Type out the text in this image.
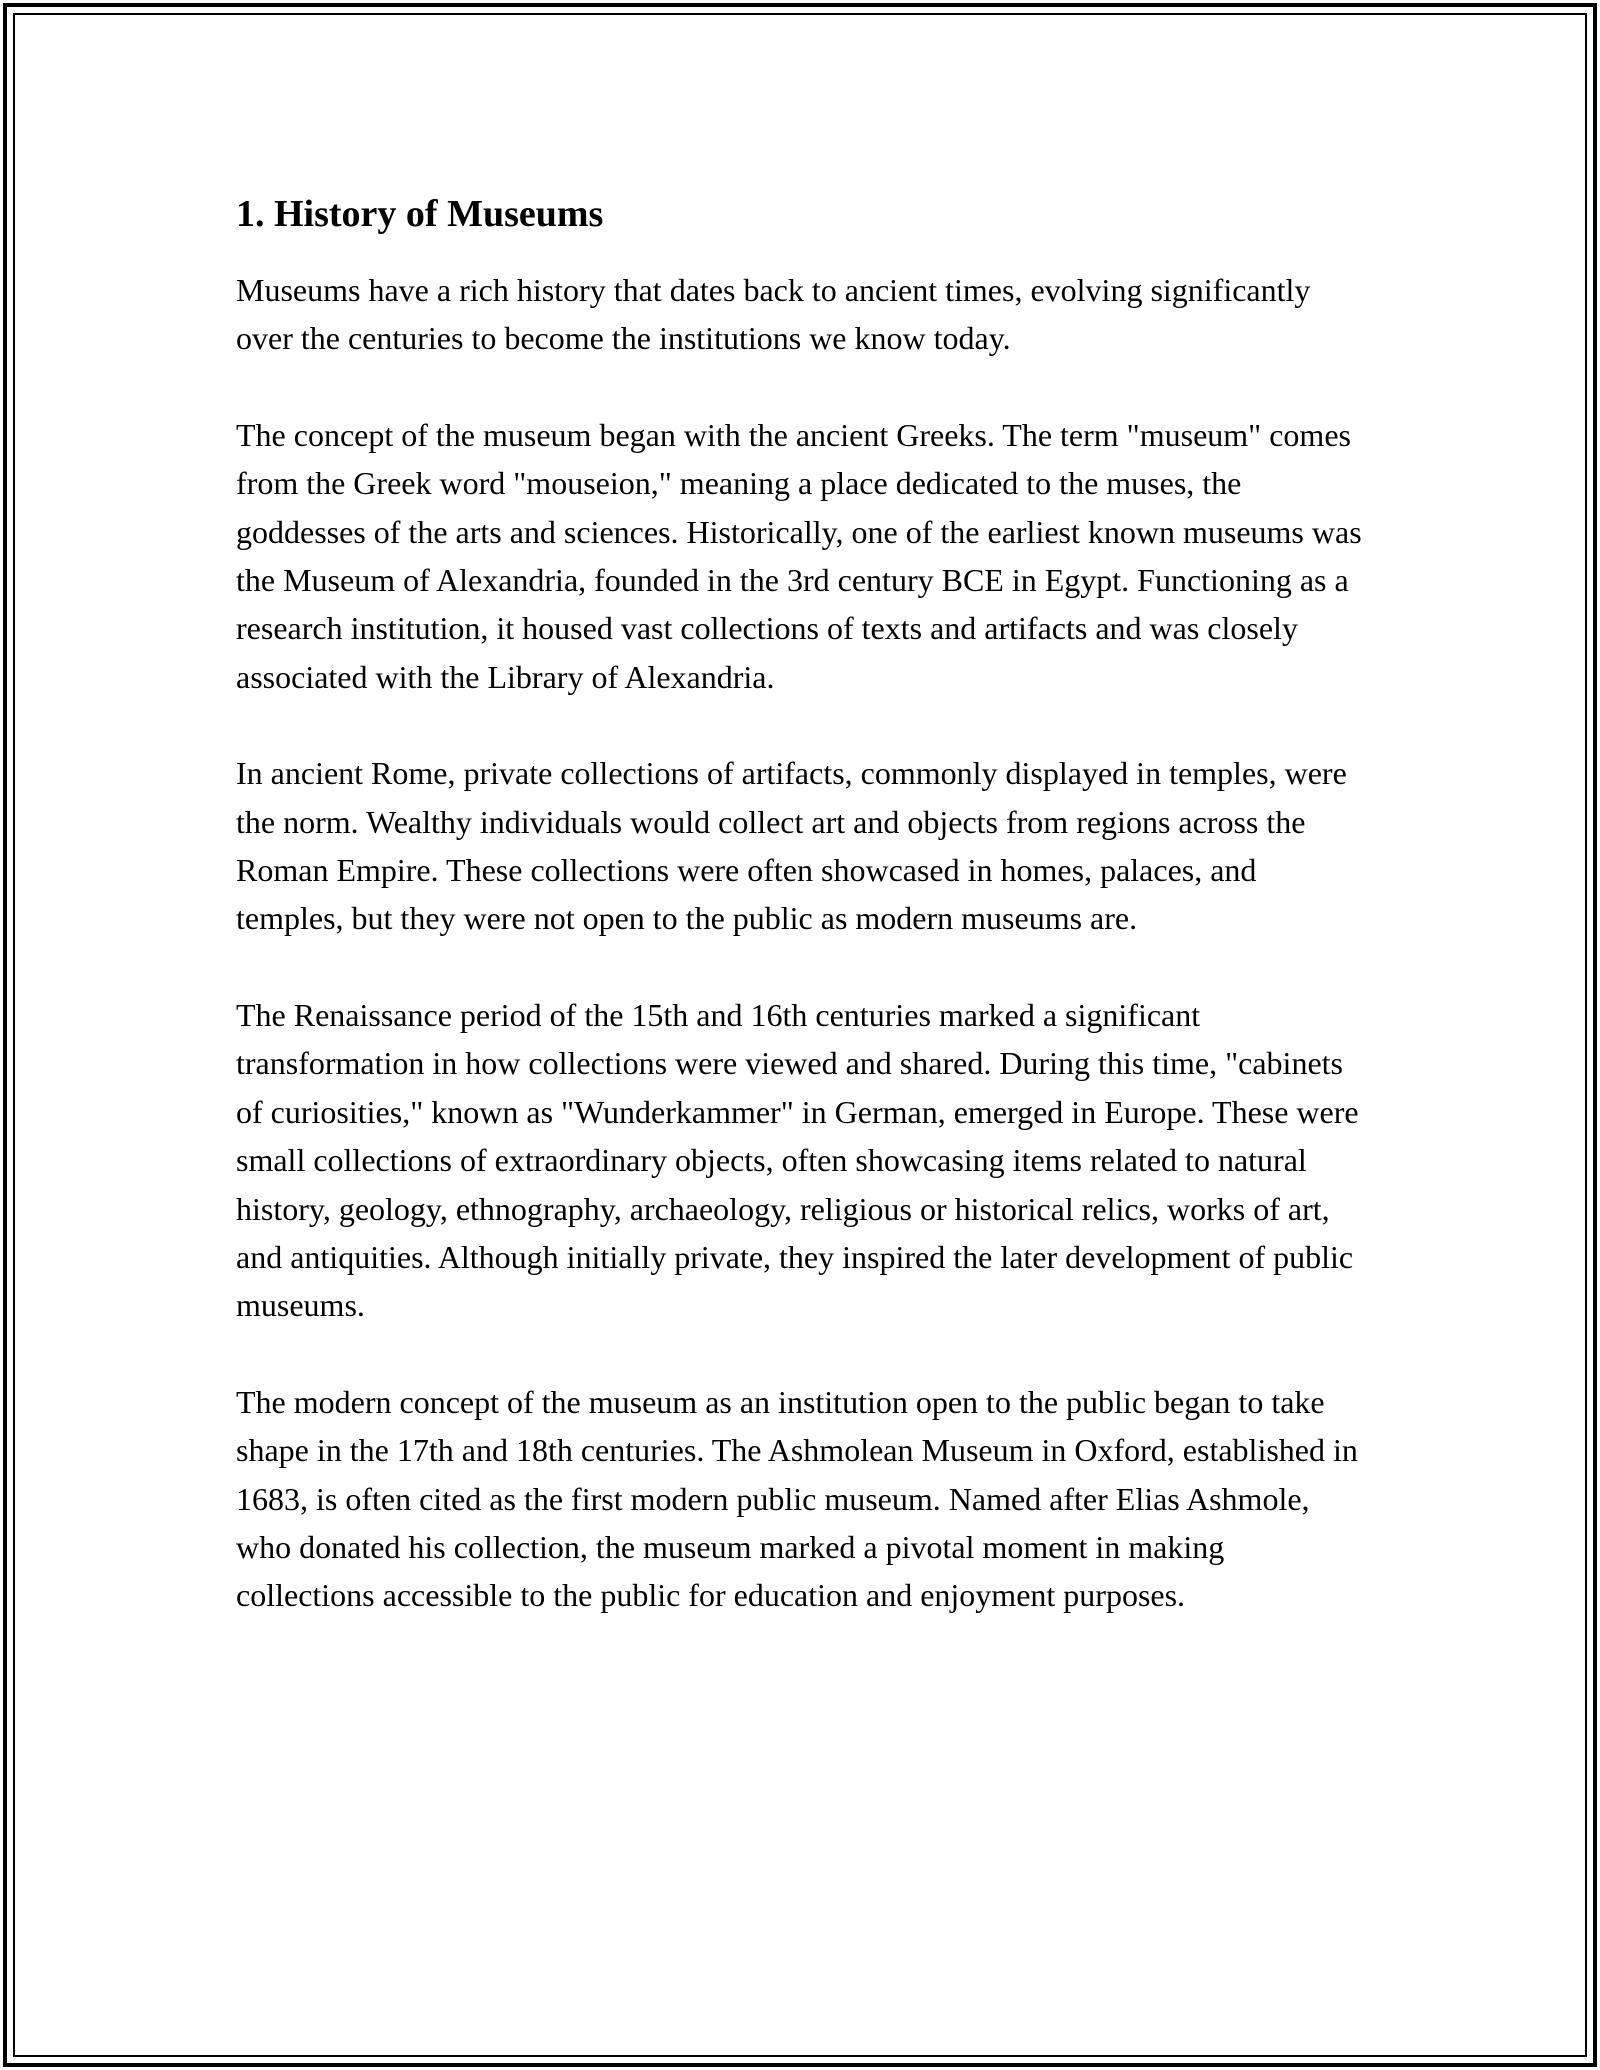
1. History of Museums

Museums have a rich history that dates back to ancient times, evolving significantly over the centuries to become the institutions we know today.

The concept of the museum began with the ancient Greeks. The term "museum" comes from the Greek word "mouseion," meaning a place dedicated to the muses, the goddesses of the arts and sciences. Historically, one of the earliest known museums was the Museum of Alexandria, founded in the 3rd century BCE in Egypt. Functioning as a research institution, it housed vast collections of texts and artifacts and was closely associated with the Library of Alexandria.

In ancient Rome, private collections of artifacts, commonly displayed in temples, were the norm. Wealthy individuals would collect art and objects from regions across the Roman Empire. These collections were often showcased in homes, palaces, and temples, but they were not open to the public as modern museums are.

The Renaissance period of the 15th and 16th centuries marked a significant transformation in how collections were viewed and shared. During this time, "cabinets of curiosities," known as "Wunderkammer" in German, emerged in Europe. These were small collections of extraordinary objects, often showcasing items related to natural history, geology, ethnography, archaeology, religious or historical relics, works of art, and antiquities. Although initially private, they inspired the later development of public museums.

The modern concept of the museum as an institution open to the public began to take shape in the 17th and 18th centuries. The Ashmolean Museum in Oxford, established in 1683, is often cited as the first modern public museum. Named after Elias Ashmole, who donated his collection, the museum marked a pivotal moment in making collections accessible to the public for education and enjoyment purposes.
